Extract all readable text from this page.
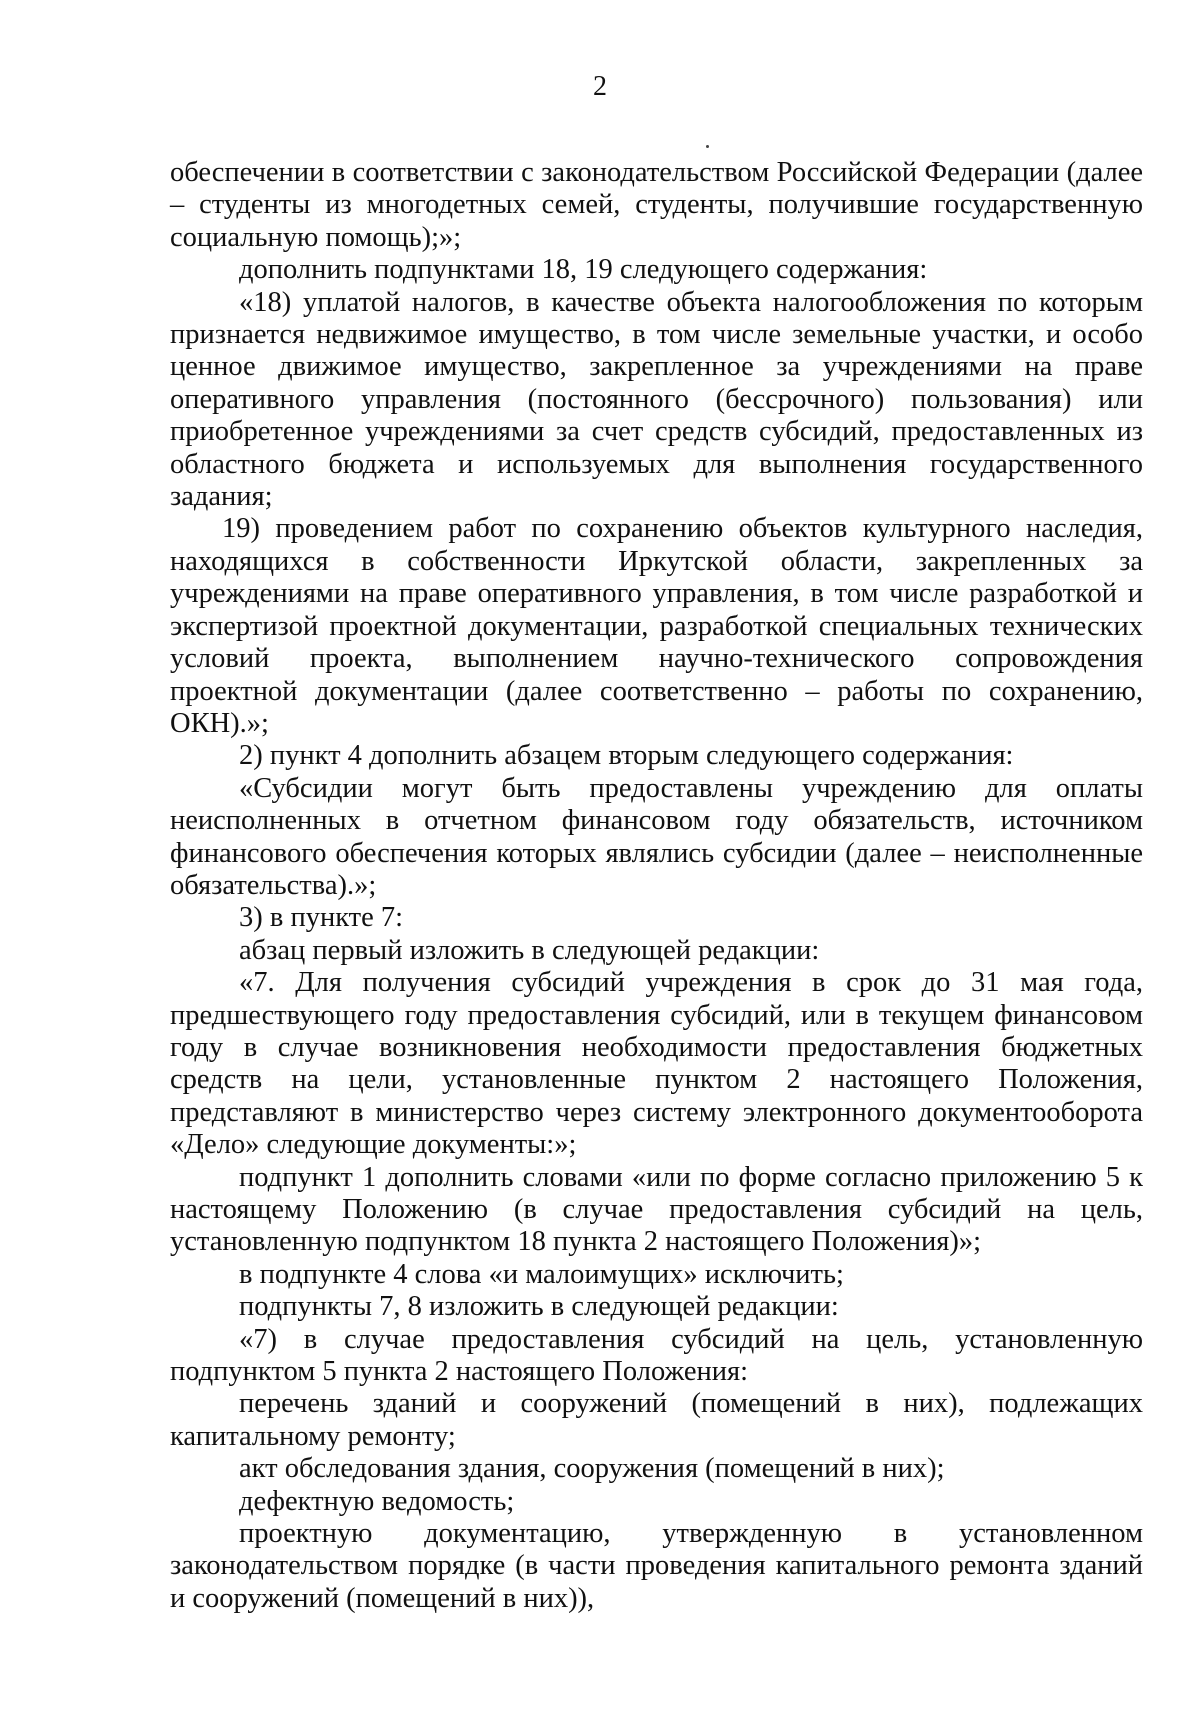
2

обеспечении в соответствии с законодательством Российской Федерации (далее – студенты из многодетных семей, студенты, получившие государственную социальную помощь);»;

дополнить подпунктами 18, 19 следующего содержания:

«18) уплатой налогов, в качестве объекта налогообложения по которым признается недвижимое имущество, в том числе земельные участки, и особо ценное движимое имущество, закрепленное за учреждениями на праве оперативного управления (постоянного (бессрочного) пользования) или приобретенное учреждениями за счет средств субсидий, предоставленных из областного бюджета и используемых для выполнения государственного задания;

19) проведением работ по сохранению объектов культурного наследия, находящихся в собственности Иркутской области, закрепленных за учреждениями на праве оперативного управления, в том числе разработкой и экспертизой проектной документации, разработкой специальных технических условий проекта, выполнением научно-технического сопровождения проектной документации (далее соответственно – работы по сохранению, ОКН).»;

2) пункт 4 дополнить абзацем вторым следующего содержания:

«Субсидии могут быть предоставлены учреждению для оплаты неисполненных в отчетном финансовом году обязательств, источником финансового обеспечения которых являлись субсидии (далее – неисполненные обязательства).»;

3) в пункте 7:

абзац первый изложить в следующей редакции:

«7. Для получения субсидий учреждения в срок до 31 мая года, предшествующего году предоставления субсидий, или в текущем финансовом году в случае возникновения необходимости предоставления бюджетных средств на цели, установленные пунктом 2 настоящего Положения, представляют в министерство через систему электронного документооборота «Дело» следующие документы:»;

подпункт 1 дополнить словами «или по форме согласно приложению 5 к настоящему Положению (в случае предоставления субсидий на цель, установленную подпунктом 18 пункта 2 настоящего Положения)»;

в подпункте 4 слова «и малоимущих» исключить;

подпункты 7, 8 изложить в следующей редакции:

«7) в случае предоставления субсидий на цель, установленную подпунктом 5 пункта 2 настоящего Положения:

перечень зданий и сооружений (помещений в них), подлежащих капитальному ремонту;

акт обследования здания, сооружения (помещений в них);

дефектную ведомость;

проектную документацию, утвержденную в установленном законодательством порядке (в части проведения капитального ремонта зданий и сооружений (помещений в них)),
